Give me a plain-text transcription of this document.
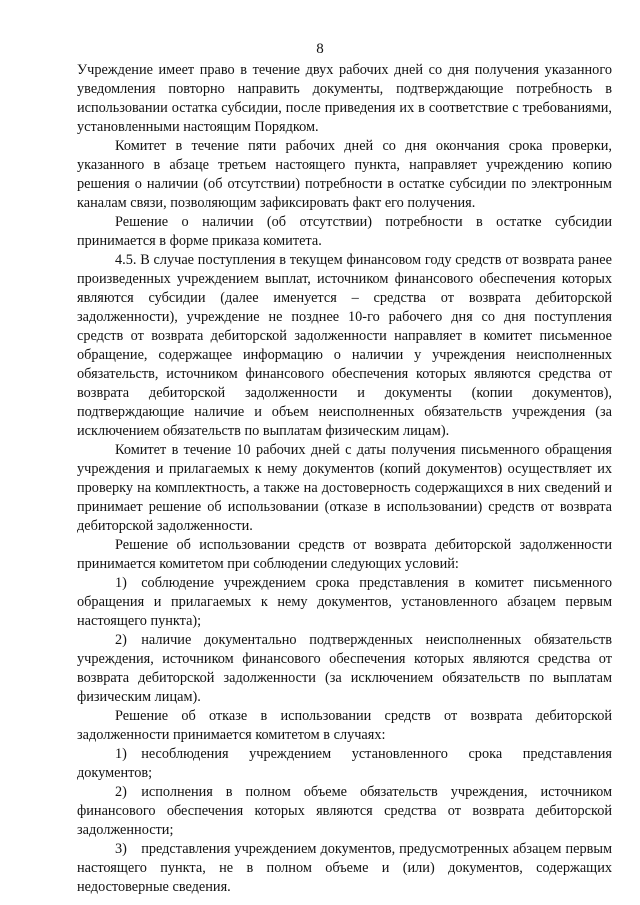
8

Учреждение имеет право в течение двух рабочих дней со дня получения указанного уведомления повторно направить документы, подтверждающие потребность в использовании остатка субсидии, после приведения их в соответствие с требованиями, установленными настоящим Порядком.

Комитет в течение пяти рабочих дней со дня окончания срока проверки, указанного в абзаце третьем настоящего пункта, направляет учреждению копию решения о наличии (об отсутствии) потребности в остатке субсидии по электронным каналам связи, позволяющим зафиксировать факт его получения.

Решение о наличии (об отсутствии) потребности в остатке субсидии принимается в форме приказа комитета.

4.5. В случае поступления в текущем финансовом году средств от возврата ранее произведенных учреждением выплат, источником финансового обеспечения которых являются субсидии (далее именуется – средства от возврата дебиторской задолженности), учреждение не позднее 10-го рабочего дня со дня поступления средств от возврата дебиторской задолженности направляет в комитет письменное обращение, содержащее информацию о наличии у учреждения неисполненных обязательств, источником финансового обеспечения которых являются средства от возврата дебиторской задолженности и документы (копии документов), подтверждающие наличие и объем неисполненных обязательств учреждения (за исключением обязательств по выплатам физическим лицам).

Комитет в течение 10 рабочих дней с даты получения письменного обращения учреждения и прилагаемых к нему документов (копий документов) осуществляет их проверку на комплектность, а также на достоверность содержащихся в них сведений и принимает решение об использовании (отказе в использовании) средств от возврата дебиторской задолженности.

Решение об использовании средств от возврата дебиторской задолженности принимается комитетом при соблюдении следующих условий:

1) соблюдение учреждением срока представления в комитет письменного обращения и прилагаемых к нему документов, установленного абзацем первым настоящего пункта);

2) наличие документально подтвержденных неисполненных обязательств учреждения, источником финансового обеспечения которых являются средства от возврата дебиторской задолженности (за исключением обязательств по выплатам физическим лицам).

Решение об отказе в использовании средств от возврата дебиторской задолженности принимается комитетом в случаях:

1) несоблюдения учреждением установленного срока представления документов;

2) исполнения в полном объеме обязательств учреждения, источником финансового обеспечения которых являются средства от возврата дебиторской задолженности;

3) представления учреждением документов, предусмотренных абзацем первым настоящего пункта, не в полном объеме и (или) документов, содержащих недостоверные сведения.
